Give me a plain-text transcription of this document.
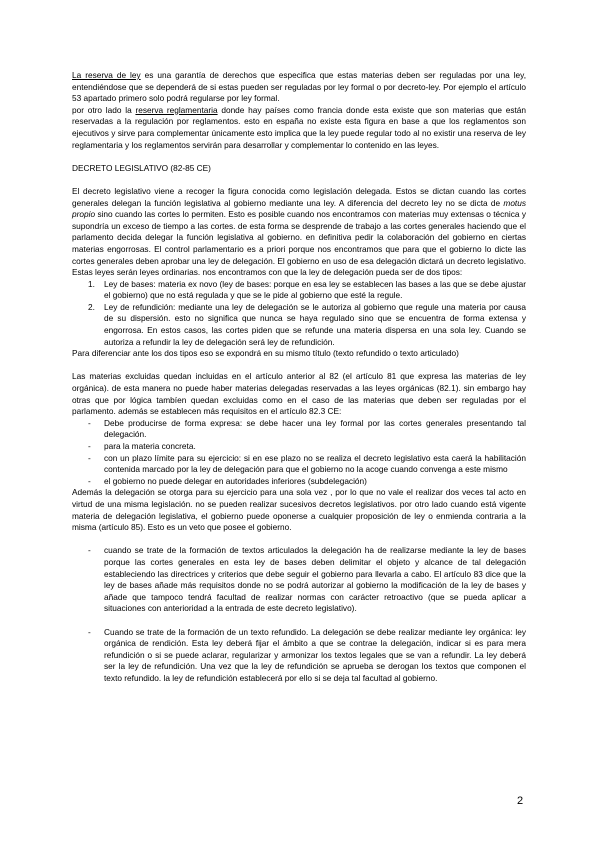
La reserva de ley es una garantía de derechos que especifica que estas materias deben ser reguladas por una ley, entendiéndose que se dependerá de si estas pueden ser reguladas por ley formal o por decreto-ley. Por ejemplo el artículo 53 apartado primero solo podrá regularse por ley formal.

por otro lado la reserva reglamentaria donde hay países como francia donde esta existe que son materias que están reservadas a la regulación por reglamentos. esto en españa no existe esta figura en base a que los reglamentos son ejecutivos y sirve para complementar únicamente esto implica que la ley puede regular todo al no existir una reserva de ley reglamentaria y los reglamentos servirán para desarrollar y complementar lo contenido en las leyes.

DECRETO LEGISLATIVO (82-85 CE)

El decreto legislativo viene a recoger la figura conocida como legislación delegada. Estos se dictan cuando las cortes generales delegan la función legislativa al gobierno mediante una ley. A diferencia del decreto ley no se dicta de motus propio sino cuando las cortes lo permiten. Esto es posible cuando nos encontramos con materias muy extensas o técnica y supondría un exceso de tiempo a las cortes. de esta forma se desprende de trabajo a las cortes generales haciendo que el parlamento decida delegar la función legislativa al gobierno. en definitiva pedir la colaboración del gobierno en ciertas materias engorrosas. El control parlamentario es a priori porque nos encontramos que para que el gobierno lo dicte las cortes generales deben aprobar una ley de delegación. El gobierno en uso de esa delegación dictará un decreto legislativo. Estas leyes serán leyes ordinarias. nos encontramos con que la ley de delegación pueda ser de dos tipos:

1.	Ley de bases: materia ex novo (ley de bases: porque en esa ley se establecen las bases a las que se debe ajustar el gobierno) que no está regulada y que se le pide al gobierno que esté la regule.
2.	Ley de refundición: mediante una ley de delegación se le autoriza al gobierno que regule una materia por causa de su dispersión. esto no significa que nunca se haya regulado sino que se encuentra de forma extensa y engorrosa. En estos casos, las cortes piden que se refunde una materia dispersa en una sola ley. Cuando se autoriza a refundir la ley de delegación será ley de refundición.

Para diferenciar ante los dos tipos eso se expondrá en su mismo título (texto refundido o texto articulado)

Las materias excluidas quedan incluidas en el artículo anterior al 82 (el artículo 81 que expresa las materias de ley orgánica). de esta manera no puede haber materias delegadas reservadas a las leyes orgánicas (82.1). sin embargo hay otras que por lógica tambíen quedan excluidas como en el caso de las materias que deben ser reguladas por el parlamento. además se establecen más requisitos en el artículo 82.3 CE:

-	Debe producirse de forma expresa: se debe hacer una ley formal por las cortes generales presentando tal delegación.
-	para la materia concreta.
-	con un plazo límite para su ejercicio: si en ese plazo no se realiza el decreto legislativo esta caerá la habilitación contenida marcado por la ley de delegación para que el gobierno no la acoge cuando convenga a este mismo
-	el gobierno no puede delegar en autoridades inferiores (subdelegación)

Además la delegación se otorga para su ejercicio para una sola vez , por lo que no vale el realizar dos veces tal acto en virtud de una misma legislación. no se pueden realizar sucesivos decretos legislativos. por otro lado cuando está vigente materia de delegación legislativa, el gobierno puede oponerse a cualquier proposición de ley o enmienda contraria a la misma (artículo 85). Esto es un veto que posee el gobierno.

-	cuando se trate de la formación de textos articulados la delegación ha de realizarse mediante la ley de bases porque las cortes generales en esta ley de bases deben delimitar el objeto y alcance de tal delegación estableciendo las directrices y criterios que debe seguir el gobierno para llevarla a cabo. El artículo 83 dice que la ley de bases añade más requisitos donde no se podrá autorizar al gobierno la modificación de la ley de bases y añade que tampoco tendrá facultad de realizar normas con carácter retroactivo (que se pueda aplicar a situaciones con anterioridad a la entrada de este decreto legislativo).
-	Cuando se trate de la formación de un texto refundido. La delegación se debe realizar mediante ley orgánica: ley orgánica de rendición. Esta ley deberá fijar el ámbito a que se contrae la delegación, indicar si es para mera refundición o si se puede aclarar, regularizar y armonizar los textos legales que se van a refundir. La ley deberá ser la ley de refundición. Una vez que la ley de refundición se aprueba se derogan los textos que componen el texto refundido. la ley de refundición establecerá por ello si se deja tal facultad al gobierno.
2
